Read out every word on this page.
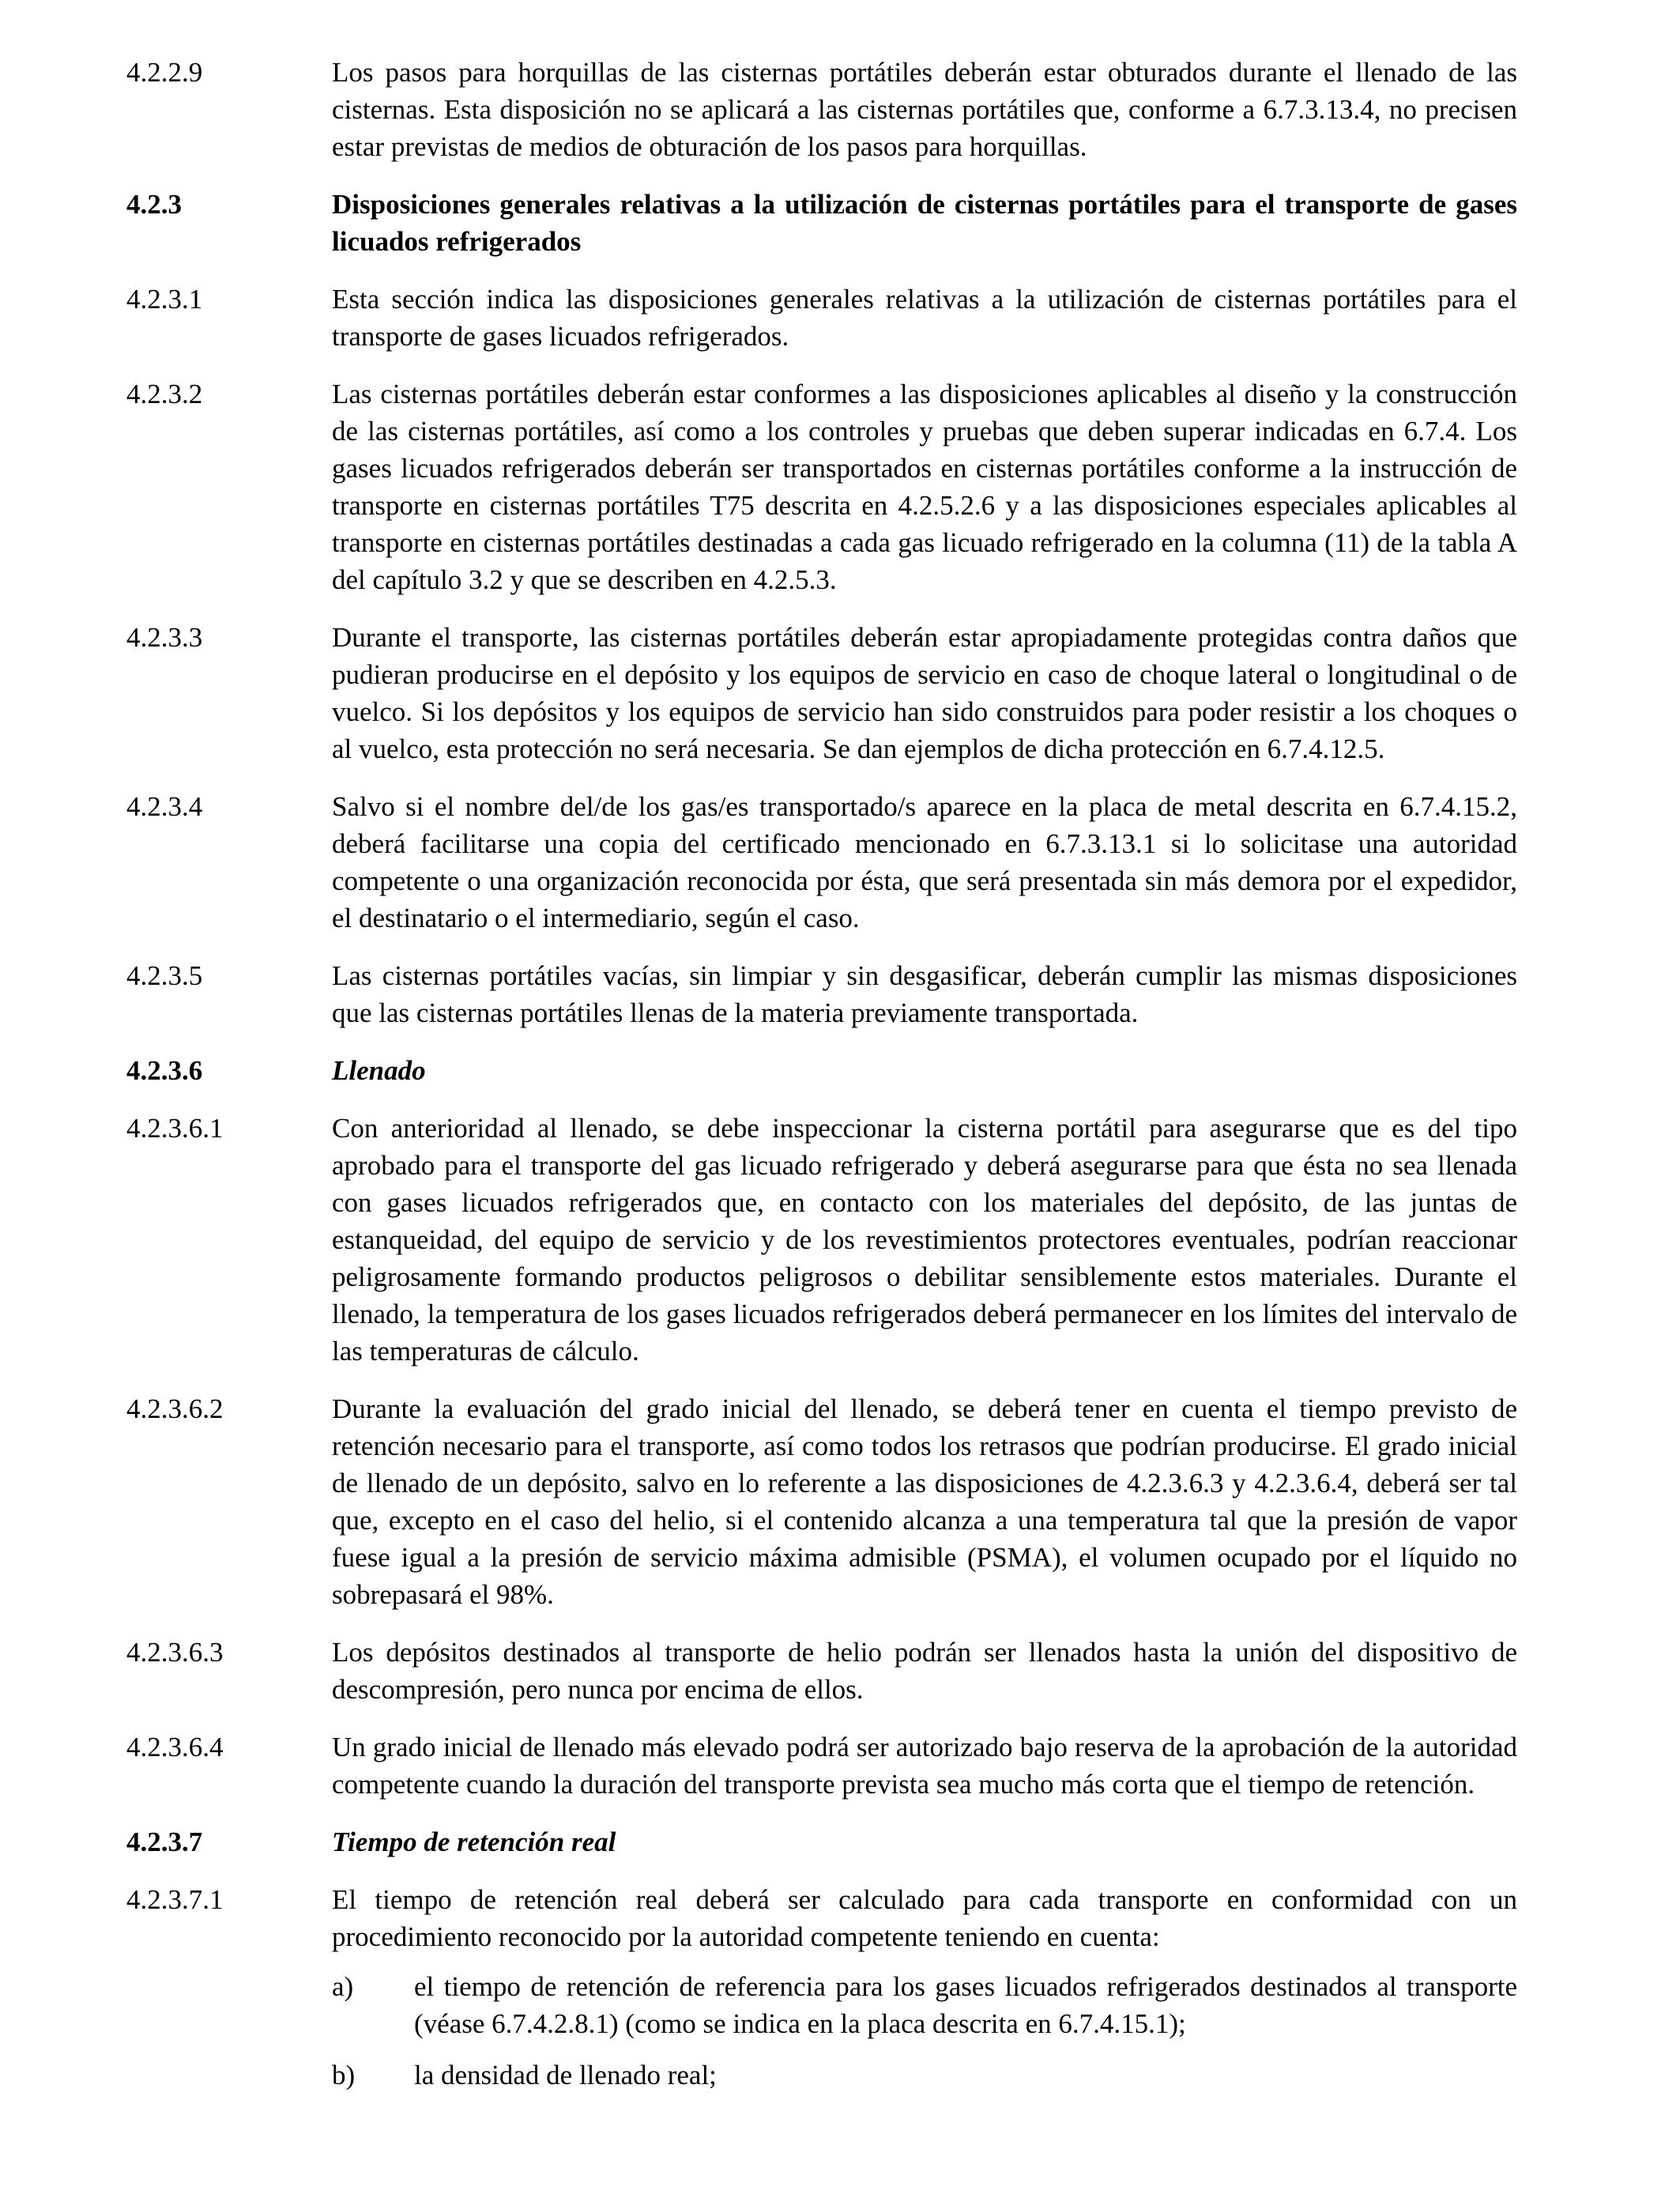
4.2.2.9	Los pasos para horquillas de las cisternas portátiles deberán estar obturados durante el llenado de las cisternas. Esta disposición no se aplicará a las cisternas portátiles que, conforme a 6.7.3.13.4, no precisen estar previstas de medios de obturación de los pasos para horquillas.
4.2.3	Disposiciones generales relativas a la utilización de cisternas portátiles para el transporte de gases licuados refrigerados
4.2.3.1	Esta sección indica las disposiciones generales relativas a la utilización de cisternas portátiles para el transporte de gases licuados refrigerados.
4.2.3.2	Las cisternas portátiles deberán estar conformes a las disposiciones aplicables al diseño y la construcción de las cisternas portátiles, así como a los controles y pruebas que deben superar indicadas en 6.7.4. Los gases licuados refrigerados deberán ser transportados en cisternas portátiles conforme a la instrucción de transporte en cisternas portátiles T75 descrita en 4.2.5.2.6 y a las disposiciones especiales aplicables al transporte en cisternas portátiles destinadas a cada gas licuado refrigerado en la columna (11) de la tabla A del capítulo 3.2 y que se describen en 4.2.5.3.
4.2.3.3	Durante el transporte, las cisternas portátiles deberán estar apropiadamente protegidas contra daños que pudieran producirse en el depósito y los equipos de servicio en caso de choque lateral o longitudinal o de vuelco. Si los depósitos y los equipos de servicio han sido construidos para poder resistir a los choques o al vuelco, esta protección no será necesaria. Se dan ejemplos de dicha protección en 6.7.4.12.5.
4.2.3.4	Salvo si el nombre del/de los gas/es transportado/s aparece en la placa de metal descrita en 6.7.4.15.2, deberá facilitarse una copia del certificado mencionado en 6.7.3.13.1 si lo solicitase una autoridad competente o una organización reconocida por ésta, que será presentada sin más demora por el expedidor, el destinatario o el intermediario, según el caso.
4.2.3.5	Las cisternas portátiles vacías, sin limpiar y sin desgasificar, deberán cumplir las mismas disposiciones que las cisternas portátiles llenas de la materia previamente transportada.
4.2.3.6	Llenado
4.2.3.6.1	Con anterioridad al llenado, se debe inspeccionar la cisterna portátil para asegurarse que es del tipo aprobado para el transporte del gas licuado refrigerado y deberá asegurarse para que ésta no sea llenada con gases licuados refrigerados que, en contacto con los materiales del depósito, de las juntas de estanqueidad, del equipo de servicio y de los revestimientos protectores eventuales, podrían reaccionar peligrosamente formando productos peligrosos o debilitar sensiblemente estos materiales. Durante el llenado, la temperatura de los gases licuados refrigerados deberá permanecer en los límites del intervalo de las temperaturas de cálculo.
4.2.3.6.2	Durante la evaluación del grado inicial del llenado, se deberá tener en cuenta el tiempo previsto de retención necesario para el transporte, así como todos los retrasos que podrían producirse. El grado inicial de llenado de un depósito, salvo en lo referente a las disposiciones de 4.2.3.6.3 y 4.2.3.6.4, deberá ser tal que, excepto en el caso del helio, si el contenido alcanza a una temperatura tal que la presión de vapor fuese igual a la presión de servicio máxima admisible (PSMA), el volumen ocupado por el líquido no sobrepasará el 98%.
4.2.3.6.3	Los depósitos destinados al transporte de helio podrán ser llenados hasta la unión del dispositivo de descompresión, pero nunca por encima de ellos.
4.2.3.6.4	Un grado inicial de llenado más elevado podrá ser autorizado bajo reserva de la aprobación de la autoridad competente cuando la duración del transporte prevista sea mucho más corta que el tiempo de retención.
4.2.3.7	Tiempo de retención real
4.2.3.7.1	El tiempo de retención real deberá ser calculado para cada transporte en conformidad con un procedimiento reconocido por la autoridad competente teniendo en cuenta:
a)	el tiempo de retención de referencia para los gases licuados refrigerados destinados al transporte (véase 6.7.4.2.8.1) (como se indica en la placa descrita en 6.7.4.15.1);
b)	la densidad de llenado real;
